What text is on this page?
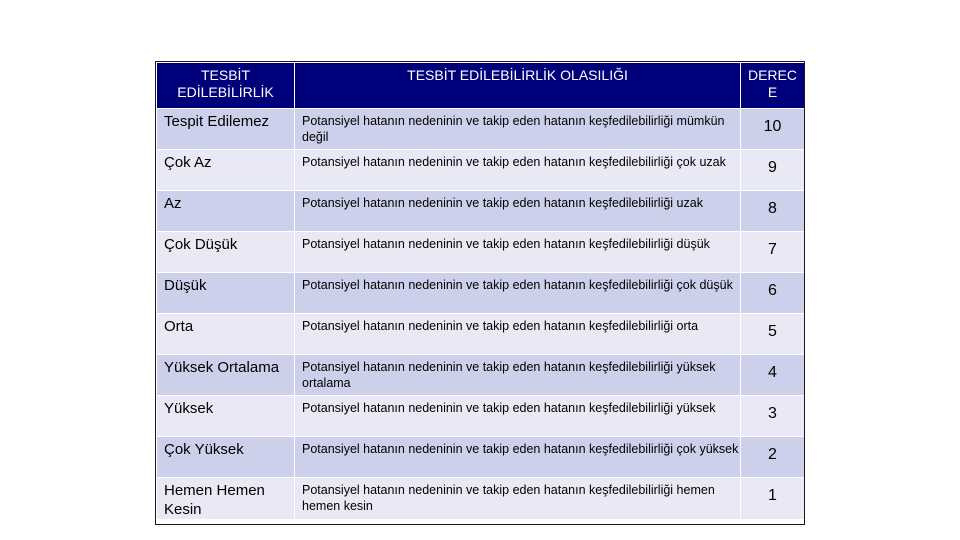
TESBİT EDİLEBİLİRLİK	TESBİT EDİLEBİLİRLİK OLASILIĞI	DERECE
Tespit Edilemez	Potansiyel hatanın nedeninin ve takip eden hatanın keşfedilebilirliği mümkün değil	10
Çok Az	Potansiyel hatanın nedeninin ve takip eden hatanın keşfedilebilirliği çok uzak	9
Az	Potansiyel hatanın nedeninin ve takip eden hatanın keşfedilebilirliği uzak	8
Çok Düşük	Potansiyel hatanın nedeninin ve takip eden hatanın keşfedilebilirliği düşük	7
Düşük	Potansiyel hatanın nedeninin ve takip eden hatanın keşfedilebilirliği çok düşük	6
Orta	Potansiyel hatanın nedeninin ve takip eden hatanın keşfedilebilirliği orta	5
Yüksek Ortalama	Potansiyel hatanın nedeninin ve takip eden hatanın keşfedilebilirliği yüksek ortalama	4
Yüksek	Potansiyel hatanın nedeninin ve takip eden hatanın keşfedilebilirliği yüksek	3
Çok Yüksek	Potansiyel hatanın nedeninin ve takip eden hatanın keşfedilebilirliği çok yüksek	2
Hemen Hemen Kesin	Potansiyel hatanın nedeninin ve takip eden hatanın keşfedilebilirliği hemen hemen kesin	1
